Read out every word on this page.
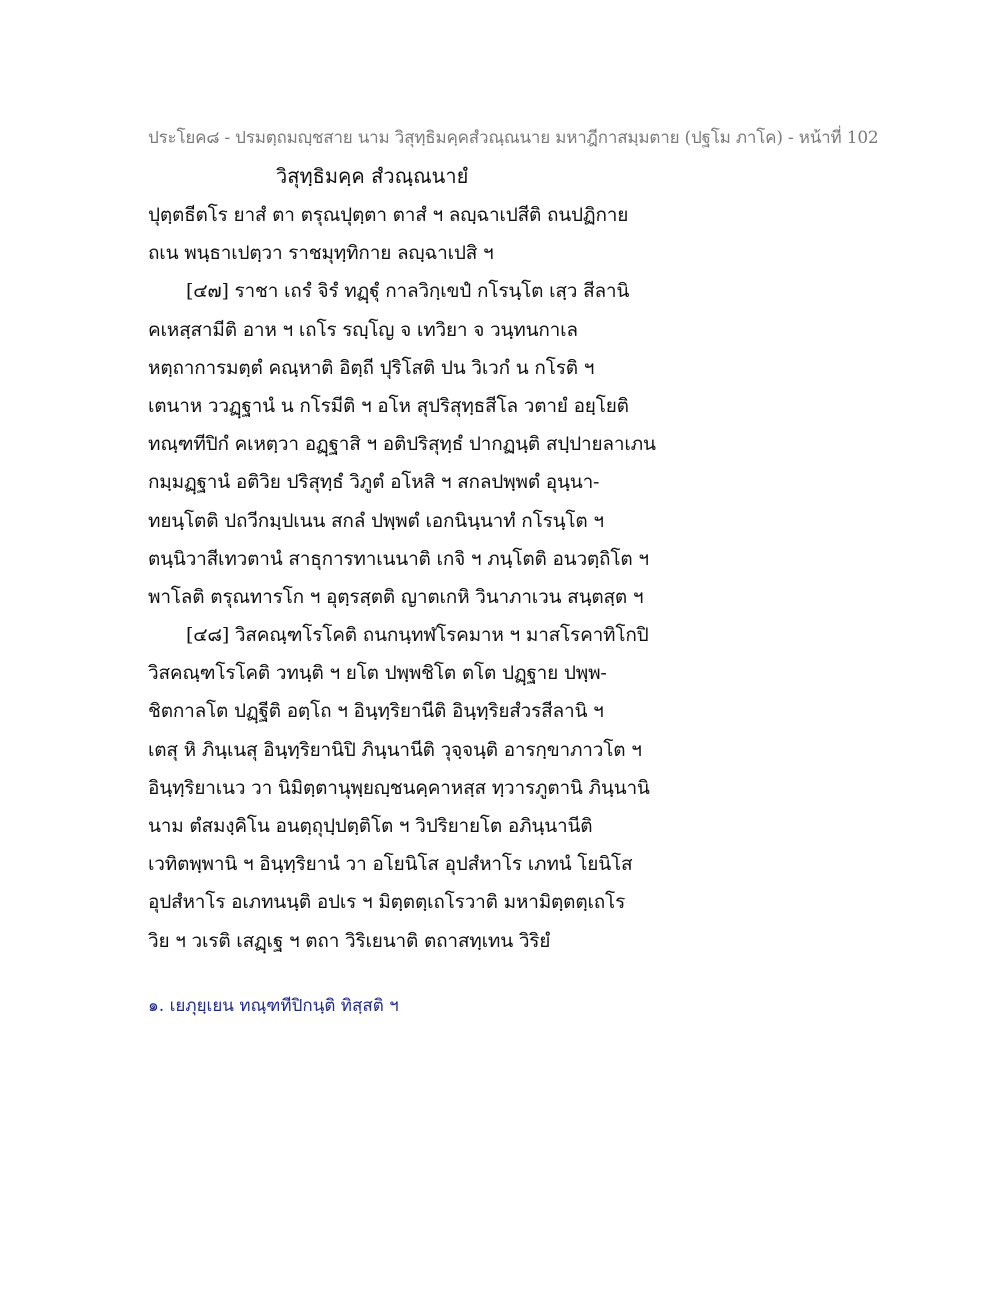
ประโยค๘ - ปรมตฺถมญฺชสาย นาม วิสุทฺธิมคฺคสํวณฺณนาย มหาฎีกาสมฺมตาย (ปฐโม ภาโค) - หน้าที่ 102
วิสุทฺธิมคฺค สํวณฺณนายํ
ปุตฺตธีตโร ยาสํ ตา ตรุณปุตฺตา ตาสํ ฯ ลญฺฉาเปสีติ ถนปฏิกาย
ถเน พนฺธาเปตฺวา ราชมุทฺทิกาย ลญฺฉาเปสิ ฯ
[๔๗] ราชา เถรํ จิรํ ทฏฺฐุํ กาลวิกฺเขปํ กโรนฺโต เสฺว สีลานิ
คเหสฺสามีติ อาห ฯ เถโร รญฺโญ จ เทวิยา จ วนฺทนกาเล
หตฺถาการมตฺตํ คณฺหาติ อิตฺถี ปุริโสติ ปน วิเวกํ น กโรติ ฯ
เตนาห ววฏฺฐานํ น กโรมีติ ฯ อโห สุปริสุทฺธสีโล วตายํ อยฺโยติ
ทณฺฑทีปิกํ คเหตฺวา อฏฺฐาสิ ฯ อติปริสุทฺธํ ปากฏนฺติ สปฺปายลาเภน
กมฺมฏฺฐานํ อติวิย ปริสุทฺธํ วิภูตํ อโหสิ ฯ สกลปพฺพตํ อุนฺนา-
ทยนฺโตติ ปถวีกมฺปเนน สกลํ ปพฺพตํ เอกนินฺนาทํ กโรนฺโต ฯ
ตนฺนิวาสีเทวตานํ สาธุการทาเนนาติ เกจิ ฯ ภนฺโตติ อนวตฺถิโต ฯ
พาโลติ ตรุณทารโก ฯ อุตฺรสฺตติ ญาตเกหิ วินาภาเวน สนฺตสฺต ฯ
[๔๘] วิสคณฺฑโรโคติ ถนกนฺทฬโรคมาห ฯ มาสโรคาทิโกปิ
วิสคณฺฑโรโคติ วทนฺติ ฯ ยโต ปพฺพชิโต ตโต ปฏฺฐาย ปพฺพ-
ชิตกาลโต ปฏฺฐีติ อตฺโถ ฯ อินฺทฺริยานีติ อินฺทฺริยสํวรสีลานิ ฯ
เตสุ หิ ภินฺเนสุ อินฺทฺริยานิปิ ภินฺนานีติ วุจฺจนฺติ อารกฺขาภาวโต ฯ
อินฺทฺริยาเนว วา นิมิตฺตานุพฺยญฺชนคฺคาหสฺส ทฺวารภูตานิ ภินฺนานิ
นาม ตํสมงฺคิโน อนตฺถุปฺปตฺติโต ฯ วิปริยายโต อภินฺนานีติ
เวทิตพฺพานิ ฯ อินฺทฺริยานํ วา อโยนิโส อุปสํหาโร เภทนํ โยนิโส
อุปสํหาโร อเภทนนฺติ อปเร ฯ มิตฺตตฺเถโรวาติ มหามิตฺตตฺเถโร
วิย ฯ วเรติ เสฏฺเฐ ฯ ตถา วิริเยนาติ ตถาสทฺเทน วิริยํ
๑. เยภุยฺเยน ทณฺฑทีปิกนฺติ ทิสฺสติ ฯ
